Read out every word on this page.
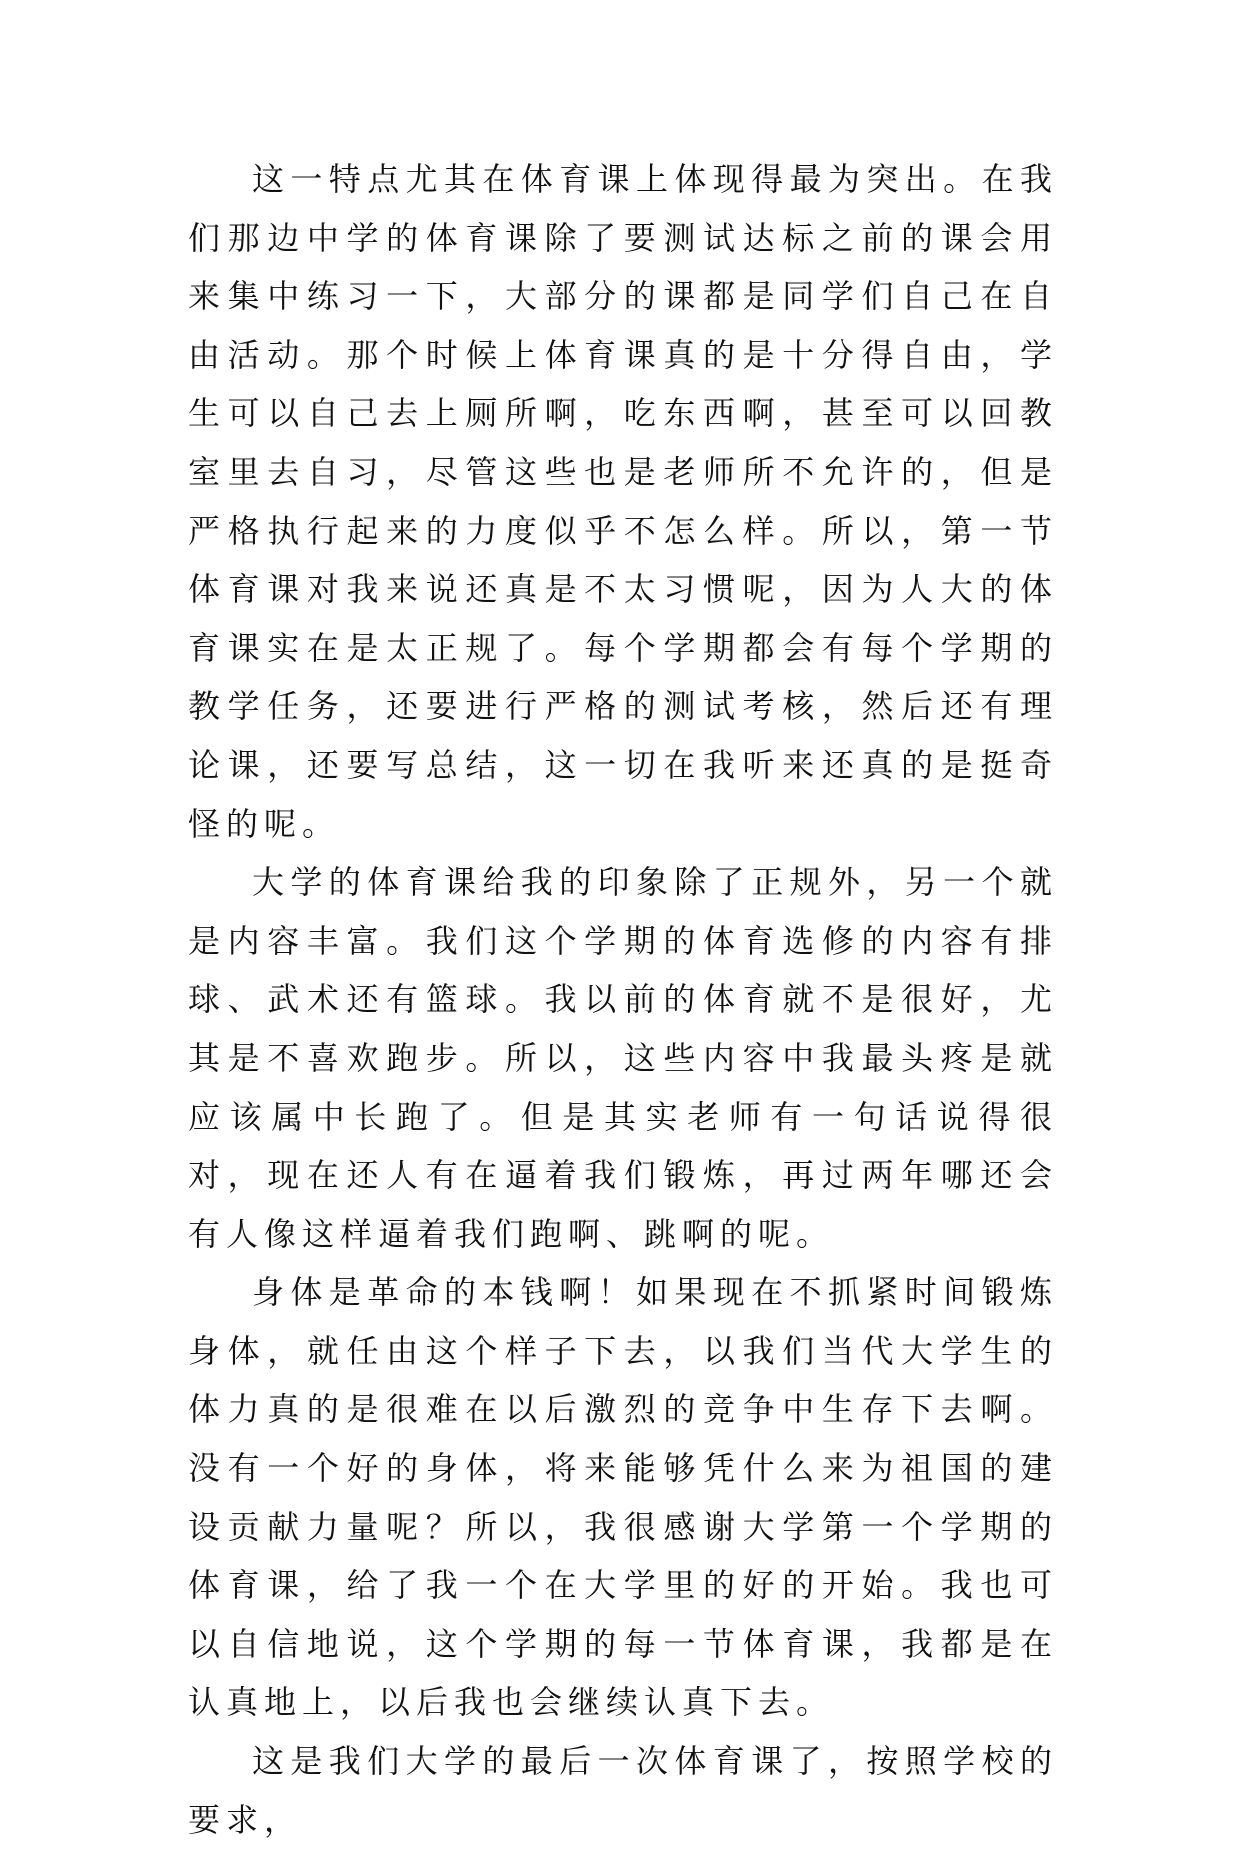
这一特点尤其在体育课上体现得最为突出。在我们那边中学的体育课除了要测试达标之前的课会用来集中练习一下，大部分的课都是同学们自己在自由活动。那个时候上体育课真的是十分得自由，学生可以自己去上厕所啊，吃东西啊，甚至可以回教室里去自习，尽管这些也是老师所不允许的，但是严格执行起来的力度似乎不怎么样。所以，第一节体育课对我来说还真是不太习惯呢，因为人大的体育课实在是太正规了。每个学期都会有每个学期的教学任务，还要进行严格的测试考核，然后还有理论课，还要写总结，这一切在我听来还真的是挺奇怪的呢。

大学的体育课给我的印象除了正规外，另一个就是内容丰富。我们这个学期的体育选修的内容有排球、武术还有篮球。我以前的体育就不是很好，尤其是不喜欢跑步。所以，这些内容中我最头疼是就应该属中长跑了。但是其实老师有一句话说得很对，现在还人有在逼着我们锻炼，再过两年哪还会有人像这样逼着我们跑啊、跳啊的呢。

身体是革命的本钱啊！如果现在不抓紧时间锻炼身体，就任由这个样子下去，以我们当代大学生的体力真的是很难在以后激烈的竞争中生存下去啊。没有一个好的身体，将来能够凭什么来为祖国的建设贡献力量呢？所以，我很感谢大学第一个学期的体育课，给了我一个在大学里的好的开始。我也可以自信地说，这个学期的每一节体育课，我都是在认真地上，以后我也会继续认真下去。

这是我们大学的最后一次体育课了，按照学校的要求，
